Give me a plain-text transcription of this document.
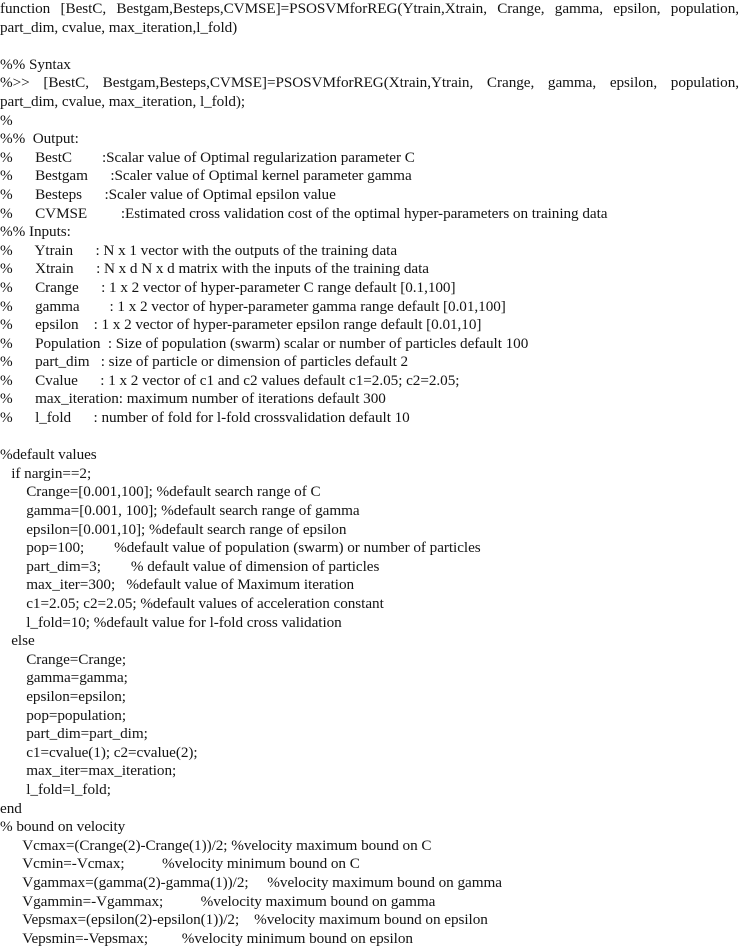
function [BestC, Bestgam,Besteps,CVMSE]=PSOSVMforREG(Ytrain,Xtrain, Crange, gamma, epsilon, population,
part_dim, cvalue, max_iteration,l_fold)
%% Syntax
%>> [BestC, Bestgam,Besteps,CVMSE]=PSOSVMforREG(Xtrain,Ytrain, Crange, gamma, epsilon, population,
part_dim, cvalue, max_iteration, l_fold);
%
%%  Output:
%      BestC        :Scalar value of Optimal regularization parameter C
%      Bestgam      :Scaler value of Optimal kernel parameter gamma
%      Besteps      :Scaler value of Optimal epsilon value
%      CVMSE         :Estimated cross validation cost of the optimal hyper-parameters on training data
%% Inputs:
%      Ytrain      : N x 1 vector with the outputs of the training data
%      Xtrain      : N x d N x d matrix with the inputs of the training data
%      Crange      : 1 x 2 vector of hyper-parameter C range default [0.1,100]
%      gamma        : 1 x 2 vector of hyper-parameter gamma range default [0.01,100]
%      epsilon    : 1 x 2 vector of hyper-parameter epsilon range default [0.01,10]
%      Population  : Size of population (swarm) scalar or number of particles default 100
%      part_dim   : size of particle or dimension of particles default 2
%      Cvalue      : 1 x 2 vector of c1 and c2 values default c1=2.05; c2=2.05;
%      max_iteration: maximum number of iterations default 300
%      l_fold      : number of fold for l-fold crossvalidation default 10
%default values
if nargin==2;
Crange=[0.001,100]; %default search range of C
gamma=[0.001, 100]; %default search range of gamma
epsilon=[0.001,10]; %default search range of epsilon
pop=100;        %default value of population (swarm) or number of particles
part_dim=3;        % default value of dimension of particles
max_iter=300;   %default value of Maximum iteration
c1=2.05; c2=2.05; %default values of acceleration constant
l_fold=10; %default value for l-fold cross validation
else
Crange=Crange;
gamma=gamma;
epsilon=epsilon;
pop=population;
part_dim=part_dim;
c1=cvalue(1); c2=cvalue(2);
max_iter=max_iteration;
l_fold=l_fold;
end
% bound on velocity
Vcmax=(Crange(2)-Crange(1))/2; %velocity maximum bound on C
Vcmin=-Vcmax;          %velocity minimum bound on C
Vgammax=(gamma(2)-gamma(1))/2;     %velocity maximum bound on gamma
Vgammin=-Vgammax;          %velocity maximum bound on gamma
Vepsmax=(epsilon(2)-epsilon(1))/2;    %velocity maximum bound on epsilon
Vepsmin=-Vepsmax;         %velocity minimum bound on epsilon
